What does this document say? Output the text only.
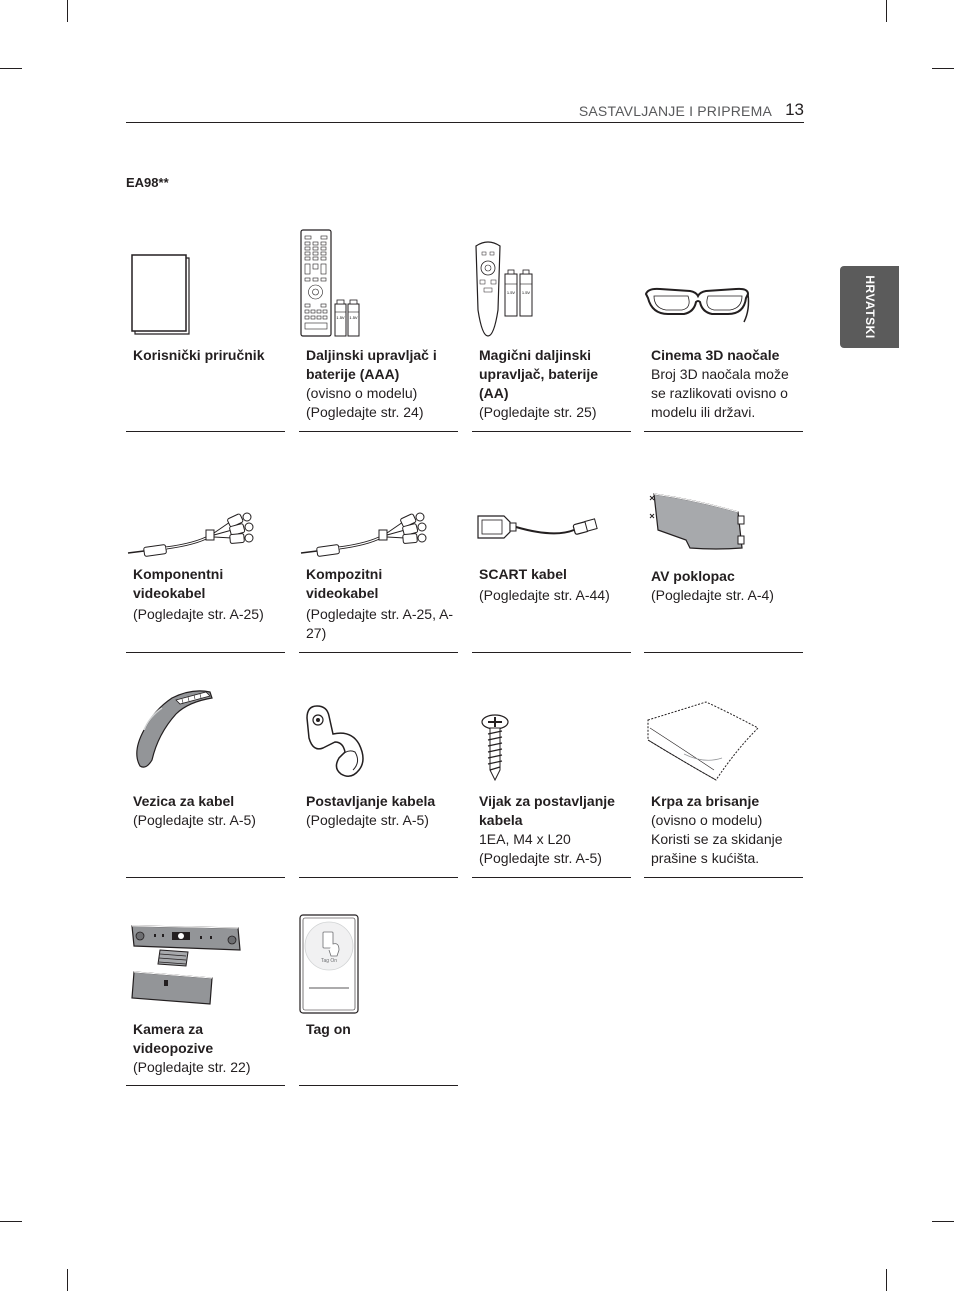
SASTAVLJANJE I PRIPREMA 13
HRVATSKI
EA98**
Korisnički priručnik
1.5V 1.5V
Daljinski upravljač i baterije (AAA)
(ovisno o modelu)
(Pogledajte str. 24)
1.5V 1.5V
Magični daljinski upravljač, baterije (AA)
(Pogledajte str. 25)
Cinema 3D naočale
Broj 3D naočala može se razlikovati ovisno o modelu ili državi.
Komponentni videokabel
(Pogledajte str. A-25)
Kompozitni videokabel
(Pogledajte str. A-25, A-27)
SCART kabel
(Pogledajte str. A-44)
AV poklopac
(Pogledajte str. A-4)
Vezica za kabel
(Pogledajte str. A-5)
Postavljanje kabela
(Pogledajte str. A-5)
Vijak za postavljanje kabela
1EA, M4 x L20
(Pogledajte str. A-5)
Krpa za brisanje
(ovisno o modelu)
Koristi se za skidanje prašine s kućišta.
Kamera za videopozive
(Pogledajte str. 22)
Tag On
Tag on
